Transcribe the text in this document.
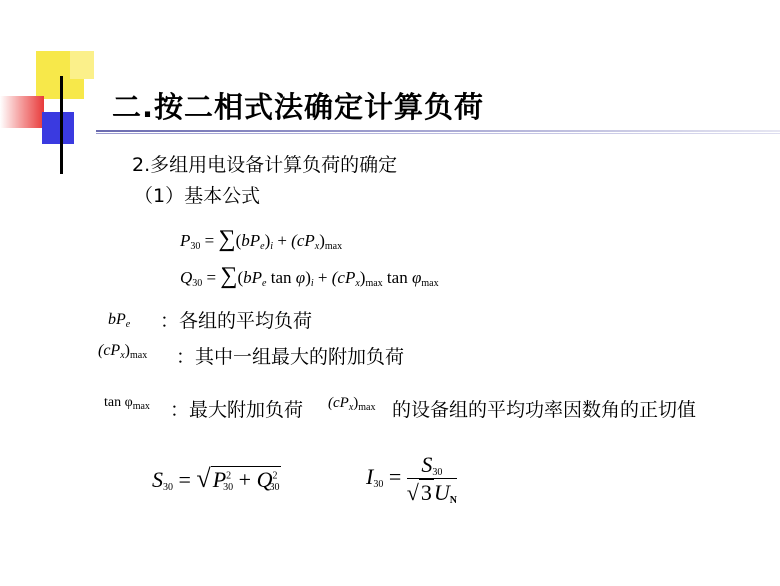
二.按二相式法确定计算负荷
2.多组用电设备计算负荷的确定
（1）基本公式
$P_{30} = \sum(bP_e)_i + (cP_x)_{max}$
$Q_{30} = \sum(bP_e$ $\tan \varphi)_i + (cP_x)_{max}$ $\tan \varphi_{max}$
$bP_e$ ：各组的平均负荷
$(cP_x)_{max}$ ：其中一组最大的附加负荷
$\tan \varphi_{max}$ ：最大附加负荷 $(cP_x)_{max}$ 的设备组的平均功率因数角的正切值
$S_{30} = √P^2_{30} + Q^2_{30}$	$I_{30} = \frac{S_{30}}{√3U_N}$
